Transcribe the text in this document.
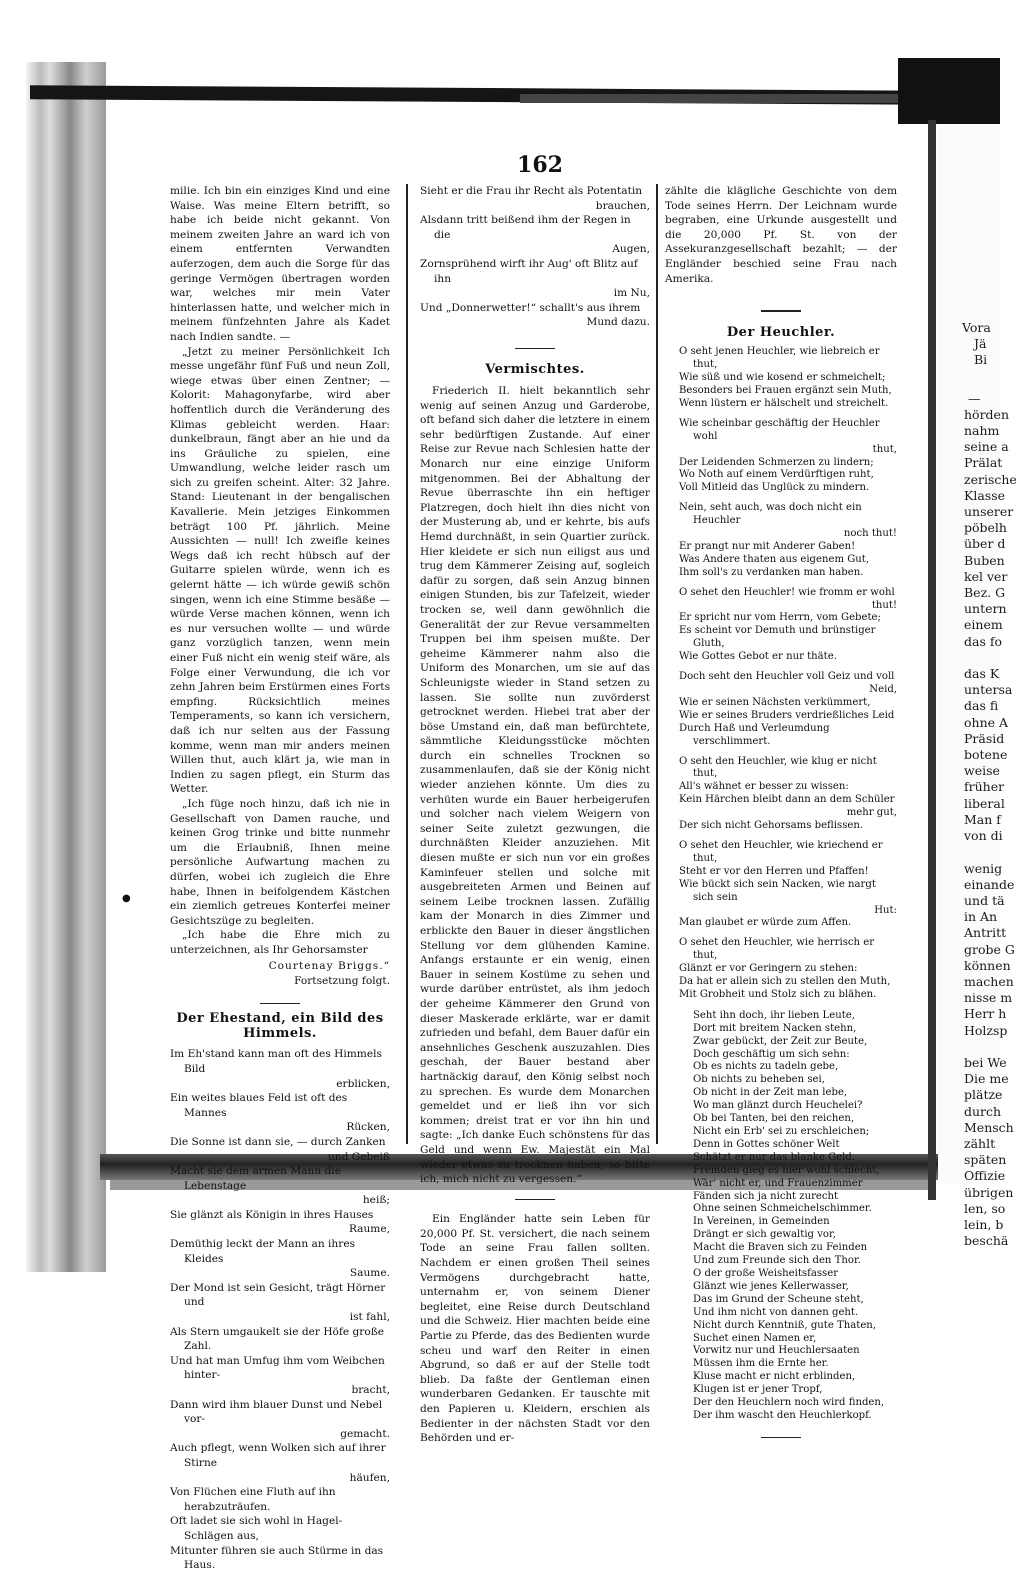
Vora
Jä
Bi
—
hörden
nahm
seine a
Prälat
zerische
Klasse
unserer
pöbelh
über d
Buben
kel ver
Bez. G
untern
einem
das fo

das K
untersa
das fi
ohne A
Präsid
botene
weise
früher
liberal
Man f
von di

wenig
einande
und tä
in An
Antritt
grobe G
können
machen
nisse m
Herr h
Holzsp

bei We
Die me
plätze
durch
Mensch
zählt
späten
Offizie
übrigen
len, so
lein, b
beschä
162
●

milie. Ich bin ein einziges Kind und eine Waise. Was meine Eltern betrifft, so habe ich beide nicht gekannt. Von meinem zweiten Jahre an ward ich von einem entfernten Verwandten auferzogen, dem auch die Sorge für das geringe Vermögen übertragen worden war, welches mir mein Vater hinterlassen hatte, und welcher mich in meinem fünfzehnten Jahre als Kadet nach Indien sandte. —

„Jetzt zu meiner Persönlichkeit Ich messe ungefähr fünf Fuß und neun Zoll, wiege etwas über einen Zentner; — Kolorit: Mahagonyfarbe, wird aber hoffentlich durch die Veränderung des Klimas gebleicht werden. Haar: dunkelbraun, fängt aber an hie und da ins Gräuliche zu spielen, eine Umwandlung, welche leider rasch um sich zu greifen scheint. Alter: 32 Jahre. Stand: Lieutenant in der bengalischen Kavallerie. Mein jetziges Einkommen beträgt 100 Pf. jährlich. Meine Aussichten — null! Ich zweifle keines Wegs daß ich recht hübsch auf der Guitarre spielen würde, wenn ich es gelernt hätte — ich würde gewiß schön singen, wenn ich eine Stimme besäße — würde Verse machen können, wenn ich es nur versuchen wollte — und würde ganz vorzüglich tanzen, wenn mein einer Fuß nicht ein wenig steif wäre, als Folge einer Verwundung, die ich vor zehn Jahren beim Erstürmen eines Forts empfing. Rücksichtlich meines Temperaments, so kann ich versichern, daß ich nur selten aus der Fassung komme, wenn man mir anders meinen Willen thut, auch klärt ja, wie man in Indien zu sagen pflegt, ein Sturm das Wetter.

„Ich füge noch hinzu, daß ich nie in Gesellschaft von Damen rauche, und keinen Grog trinke und bitte nunmehr um die Erlaubniß, Ihnen meine persönliche Aufwartung machen zu dürfen, wobei ich zugleich die Ehre habe, Ihnen in beifolgendem Kästchen ein ziemlich getreues Konterfei meiner Gesichtszüge zu begleiten.

„Ich habe die Ehre mich zu unterzeichnen, als Ihr Gehorsamster

Courtenay Briggs.“

Fortsetzung folgt.

Der Ehestand, ein Bild des Himmels.
Im Eh'stand kann man oft des Himmels Bild
erblicken,
Ein weites blaues Feld ist oft des Mannes
Rücken,
Die Sonne ist dann sie, — durch Zanken
und Gebeiß
Macht sie dem armen Mann die Lebenstage
heiß;
Sie glänzt als Königin in ihres Hauses
Raume,
Demüthig leckt der Mann an ihres Kleides
Saume.
Der Mond ist sein Gesicht, trägt Hörner und
ist fahl,
Als Stern umgaukelt sie der Höfe große Zahl.
Und hat man Umfug ihm vom Weibchen hinter-
bracht,
Dann wird ihm blauer Dunst und Nebel vor-
gemacht.
Auch pflegt, wenn Wolken sich auf ihrer Stirne
häufen,
Von Flüchen eine Fluth auf ihn herabzuträufen.
Oft ladet sie sich wohl in Hagel-Schlägen aus,
Mitunter führen sie auch Stürme in das Haus.
Sieht er die Frau ihr Recht als Potentatin
brauchen,
Alsdann tritt beißend ihm der Regen in die
Augen,
Zornsprühend wirft ihr Aug' oft Blitz auf ihn
im Nu,
Und „Donnerwetter!“ schallt's aus ihrem
Mund dazu.
Vermischtes.

Friederich II. hielt bekanntlich sehr wenig auf seinen Anzug und Garderobe, oft befand sich daher die letztere in einem sehr bedürftigen Zustande. Auf einer Reise zur Revue nach Schlesien hatte der Monarch nur eine einzige Uniform mitgenommen. Bei der Abhaltung der Revue überraschte ihn ein heftiger Platzregen, doch hielt ihn dies nicht von der Musterung ab, und er kehrte, bis aufs Hemd durchnäßt, in sein Quartier zurück. Hier kleidete er sich nun eiligst aus und trug dem Kämmerer Zeising auf, sogleich dafür zu sorgen, daß sein Anzug binnen einigen Stunden, bis zur Tafelzeit, wieder trocken se, weil dann gewöhnlich die Generalität der zur Revue versammelten Truppen bei ihm speisen mußte. Der geheime Kämmerer nahm also die Uniform des Monarchen, um sie auf das Schleunigste wieder in Stand setzen zu lassen. Sie sollte nun zuvörderst getrocknet werden. Hiebei trat aber der böse Umstand ein, daß man befürchtete, sämmtliche Kleidungsstücke möchten durch ein schnelles Trocknen so zusammenlaufen, daß sie der König nicht wieder anziehen könnte. Um dies zu verhüten wurde ein Bauer herbeigerufen und solcher nach vielem Weigern von seiner Seite zuletzt gezwungen, die durchnäßten Kleider anzuziehen. Mit diesen mußte er sich nun vor ein großes Kaminfeuer stellen und solche mit ausgebreiteten Armen und Beinen auf seinem Leibe trocknen lassen. Zufällig kam der Monarch in dies Zimmer und erblickte den Bauer in dieser ängstlichen Stellung vor dem glühenden Kamine. Anfangs erstaunte er ein wenig, einen Bauer in seinem Kostüme zu sehen und wurde darüber entrüstet, als ihm jedoch der geheime Kämmerer den Grund von dieser Maskerade erklärte, war er damit zufrieden und befahl, dem Bauer dafür ein ansehnliches Geschenk auszuzahlen. Dies geschah, der Bauer bestand aber hartnäckig darauf, den König selbst noch zu sprechen. Es wurde dem Monarchen gemeldet und er ließ ihn vor sich kommen; dreist trat er vor ihn hin und sagte: „Ich danke Euch schönstens für das Geld und wenn Ew. Majestät ein Mal wieder etwas zu trocknen haben, so bitte ich, mich nicht zu vergessen.“

Ein Engländer hatte sein Leben für 20,000 Pf. St. versichert, die nach seinem Tode an seine Frau fallen sollten. Nachdem er einen großen Theil seines Vermögens durchgebracht hatte, unternahm er, von seinem Diener begleitet, eine Reise durch Deutschland und die Schweiz. Hier machten beide eine Partie zu Pferde, das des Bedienten wurde scheu und warf den Reiter in einen Abgrund, so daß er auf der Stelle todt blieb. Da faßte der Gentleman einen wunderbaren Gedanken. Er tauschte mit den Papieren u. Kleidern, erschien als Bedienter in der nächsten Stadt vor den Behörden und er-

zählte die klägliche Geschichte von dem Tode seines Herrn. Der Leichnam wurde begraben, eine Urkunde ausgestellt und die 20,000 Pf. St. von der Assekuranzgesellschaft bezahlt; — der Engländer beschied seine Frau nach Amerika.

Der Heuchler.
O seht jenen Heuchler, wie liebreich er thut,
Wie süß und wie kosend er schmeichelt;
Besonders bei Frauen ergänzt sein Muth,
Wenn lüstern er hälschelt und streichelt.
Wie scheinbar geschäftig der Heuchler wohl
thut,
Der Leidenden Schmerzen zu lindern;
Wo Noth auf einem Verdürftigen ruht,
Voll Mitleid das Unglück zu mindern.
Nein, seht auch, was doch nicht ein Heuchler
noch thut!
Er prangt nur mit Anderer Gaben!
Was Andere thaten aus eigenem Gut,
Ihm soll's zu verdanken man haben.
O sehet den Heuchler! wie fromm er wohl
thut!
Er spricht nur vom Herrn, vom Gebete;
Es scheint vor Demuth und brünstiger Gluth,
Wie Gottes Gebot er nur thäte.
Doch seht den Heuchler voll Geiz und voll
Neid,
Wie er seinen Nächsten verkümmert,
Wie er seines Bruders verdrießliches Leid
Durch Haß und Verleumdung verschlimmert.
O seht den Heuchler, wie klug er nicht thut,
All's wähnet er besser zu wissen:
Kein Härchen bleibt dann an dem Schüler
mehr gut,
Der sich nicht Gehorsams beflissen.
O sehet den Heuchler, wie kriechend er thut,
Steht er vor den Herren und Pfaffen!
Wie bückt sich sein Nacken, wie nargt sich sein
Hut:
Man glaubet er würde zum Affen.
O sehet den Heuchler, wie herrisch er thut,
Glänzt er vor Geringern zu stehen:
Da hat er allein sich zu stellen den Muth,
Mit Grobheit und Stolz sich zu blähen.
Seht ihn doch, ihr lieben Leute,
Dort mit breitem Nacken stehn,
Zwar gebückt, der Zeit zur Beute,
Doch geschäftig um sich sehn:
Ob es nichts zu tadeln gebe,
Ob nichts zu beheben sei,
Ob nicht in der Zeit man lebe,
Wo man glänzt durch Heuchelei?
Ob bei Tanten, bei den reichen,
Nicht ein Erb' sei zu erschleichen;
Denn in Gottes schöner Welt
Schätzt er nur das blanke Geld.
Fremden gieg es hier wohl schlecht,
Wär' nicht er, und Frauenzimmer
Fänden sich ja nicht zurecht
Ohne seinen Schmeichelschimmer.
In Vereinen, in Gemeinden
Drängt er sich gewaltig vor,
Macht die Braven sich zu Feinden
Und zum Freunde sich den Thor.
O der große Weisheitsfasser
Glänzt wie jenes Kellerwasser,
Das im Grund der Scheune steht,
Und ihm nicht von dannen geht.
Nicht durch Kenntniß, gute Thaten,
Suchet einen Namen er,
Vorwitz nur und Heuchlersaaten
Müssen ihm die Ernte her.
Kluse macht er nicht erblinden,
Klugen ist er jener Tropf,
Der den Heuchlern noch wird finden,
Der ihm wascht den Heuchlerkopf.
